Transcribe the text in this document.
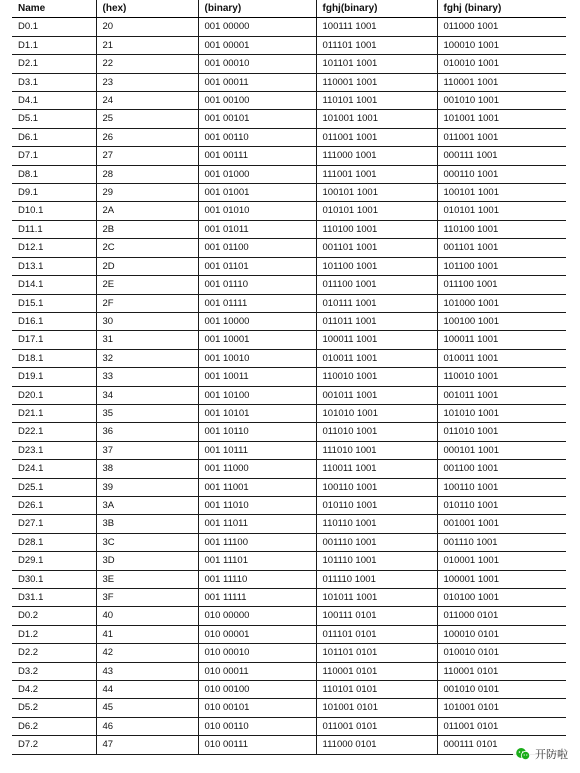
Name	(hex)	(binary)	fghj(binary)	fghj (binary)
D0.1	20	001 00000	100111 1001	011000 1001
D1.1	21	001 00001	011101 1001	100010 1001
D2.1	22	001 00010	101101 1001	010010 1001
D3.1	23	001 00011	110001 1001	110001 1001
D4.1	24	001 00100	110101 1001	001010 1001
D5.1	25	001 00101	101001 1001	101001 1001
D6.1	26	001 00110	011001 1001	011001 1001
D7.1	27	001 00111	111000 1001	000111 1001
D8.1	28	001 01000	111001 1001	000110 1001
D9.1	29	001 01001	100101 1001	100101 1001
D10.1	2A	001 01010	010101 1001	010101 1001
D11.1	2B	001 01011	110100 1001	110100 1001
D12.1	2C	001 01100	001101 1001	001101 1001
D13.1	2D	001 01101	101100 1001	101100 1001
D14.1	2E	001 01110	011100 1001	011100 1001
D15.1	2F	001 01111	010111 1001	101000 1001
D16.1	30	001 10000	011011 1001	100100 1001
D17.1	31	001 10001	100011 1001	100011 1001
D18.1	32	001 10010	010011 1001	010011 1001
D19.1	33	001 10011	110010 1001	110010 1001
D20.1	34	001 10100	001011 1001	001011 1001
D21.1	35	001 10101	101010 1001	101010 1001
D22.1	36	001 10110	011010 1001	011010 1001
D23.1	37	001 10111	111010 1001	000101 1001
D24.1	38	001 11000	110011 1001	001100 1001
D25.1	39	001 11001	100110 1001	100110 1001
D26.1	3A	001 11010	010110 1001	010110 1001
D27.1	3B	001 11011	110110 1001	001001 1001
D28.1	3C	001 11100	001110 1001	001110 1001
D29.1	3D	001 11101	101110 1001	010001 1001
D30.1	3E	001 11110	011110 1001	100001 1001
D31.1	3F	001 11111	101011 1001	010100 1001
D0.2	40	010 00000	100111 0101	011000 0101
D1.2	41	010 00001	011101 0101	100010 0101
D2.2	42	010 00010	101101 0101	010010 0101
D3.2	43	010 00011	110001 0101	110001 0101
D4.2	44	010 00100	110101 0101	001010 0101
D5.2	45	010 00101	101001 0101	101001 0101
D6.2	46	010 00110	011001 0101	011001 0101
D7.2	47	010 00111	111000 0101	000111 0101
开防啦
